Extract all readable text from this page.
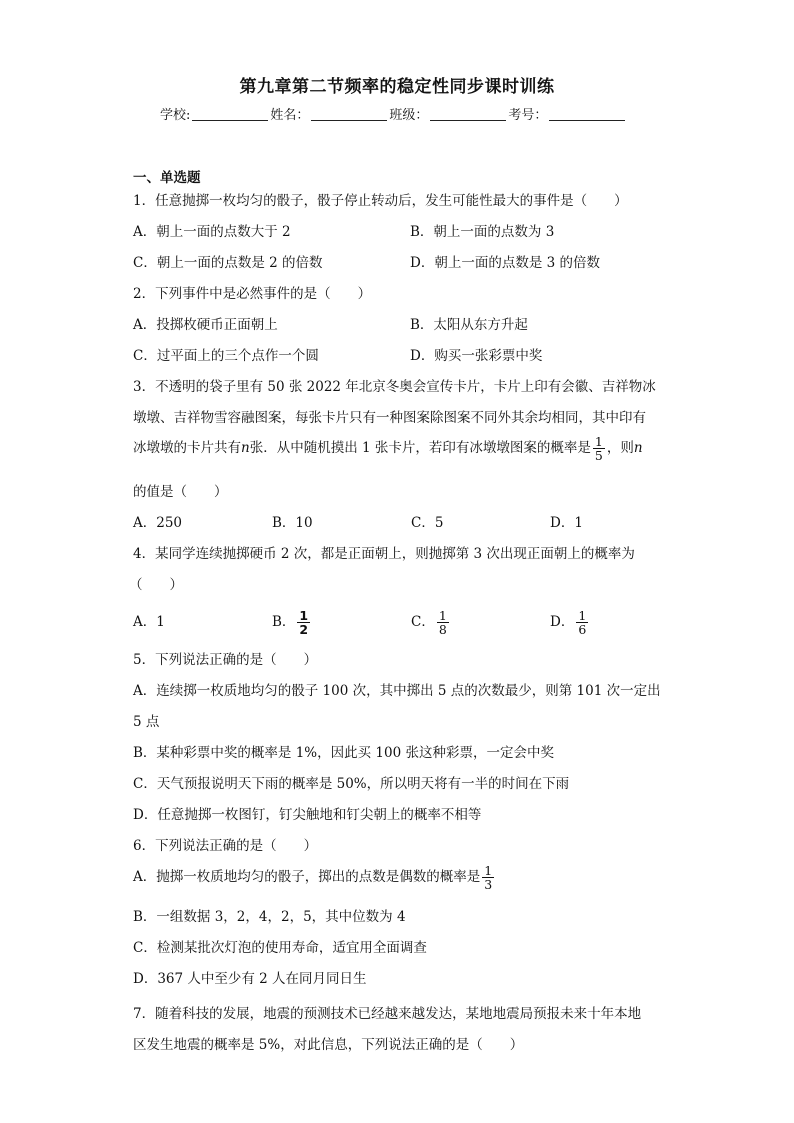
第九章第二节频率的稳定性同步课时训练
学校:	姓名：	班级：	考号：
一、单选题
1．任意抛掷一枚均匀的骰子，骰子停止转动后，发生可能性最大的事件是（　　）
A．朝上一面的点数大于 2	B．朝上一面的点数为 3
C．朝上一面的点数是 2 的倍数	D．朝上一面的点数是 3 的倍数
2．下列事件中是必然事件的是（　　）
A．投掷枚硬币正面朝上	B．太阳从东方升起
C．过平面上的三个点作一个圆	D．购买一张彩票中奖
3．不透明的袋子里有 50 张 2022 年北京冬奥会宣传卡片，卡片上印有会徽、吉祥物冰
墩墩、吉祥物雪容融图案，每张卡片只有一种图案除图案不同外其余均相同，其中印有
冰墩墩的卡片共有n张．从中随机摸出 1 张卡片，若印有冰墩墩图案的概率是 $\frac{1}{5}$ ，则n
的值是（　　）
A．250	B．10	C．5	D．1
4．某同学连续抛掷硬币 2 次，都是正面朝上，则抛掷第 3 次出现正面朝上的概率为
（　　）
A．1	B． $\frac{1}{2}$	C． $\frac{1}{8}$	D． $\frac{1}{6}$
5．下列说法正确的是（　　）
A．连续掷一枚质地均匀的骰子 100 次，其中掷出 5 点的次数最少，则第 101 次一定出
5 点
B．某种彩票中奖的概率是 1%，因此买 100 张这种彩票，一定会中奖
C．天气预报说明天下雨的概率是 50%，所以明天将有一半的时间在下雨
D．任意抛掷一枚图钉，钉尖触地和钉尖朝上的概率不相等
6．下列说法正确的是（　　）
A．抛掷一枚质地均匀的骰子，掷出的点数是偶数的概率是 $\frac{1}{3}$
B．一组数据 3，2，4，2，5，其中位数为 4
C．检测某批次灯泡的使用寿命，适宜用全面调查
D．367 人中至少有 2 人在同月同日生
7．随着科技的发展，地震的预测技术已经越来越发达，某地地震局预报未来十年本地
区发生地震的概率是 5%，对此信息，下列说法正确的是（　　）
